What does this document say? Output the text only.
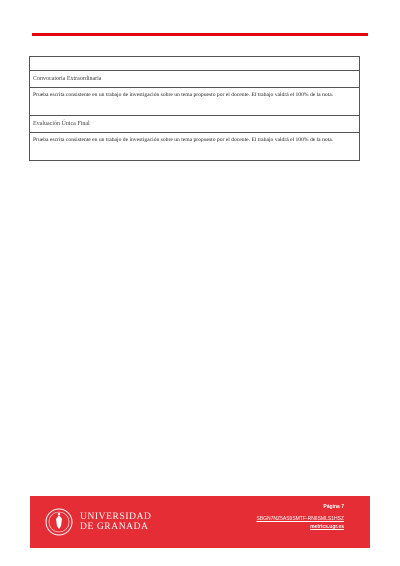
Convocatoria Extraordinaria
Prueba escrita consistente en un trabajo de investigación sobre un tema propuesto por el docente. El trabajo valdrá el 100% de la nota.
Evaluación Única Final
Prueba escrita consistente en un trabajo de investigación sobre un tema propuesto por el docente. El trabajo valdrá el 100% de la nota.
UNIVERSIDAD
DE GRANADA
Página 7
SBGN7NZ5AS9SMTF-RN6SMLS1HSZ
metrics.ugr.es
